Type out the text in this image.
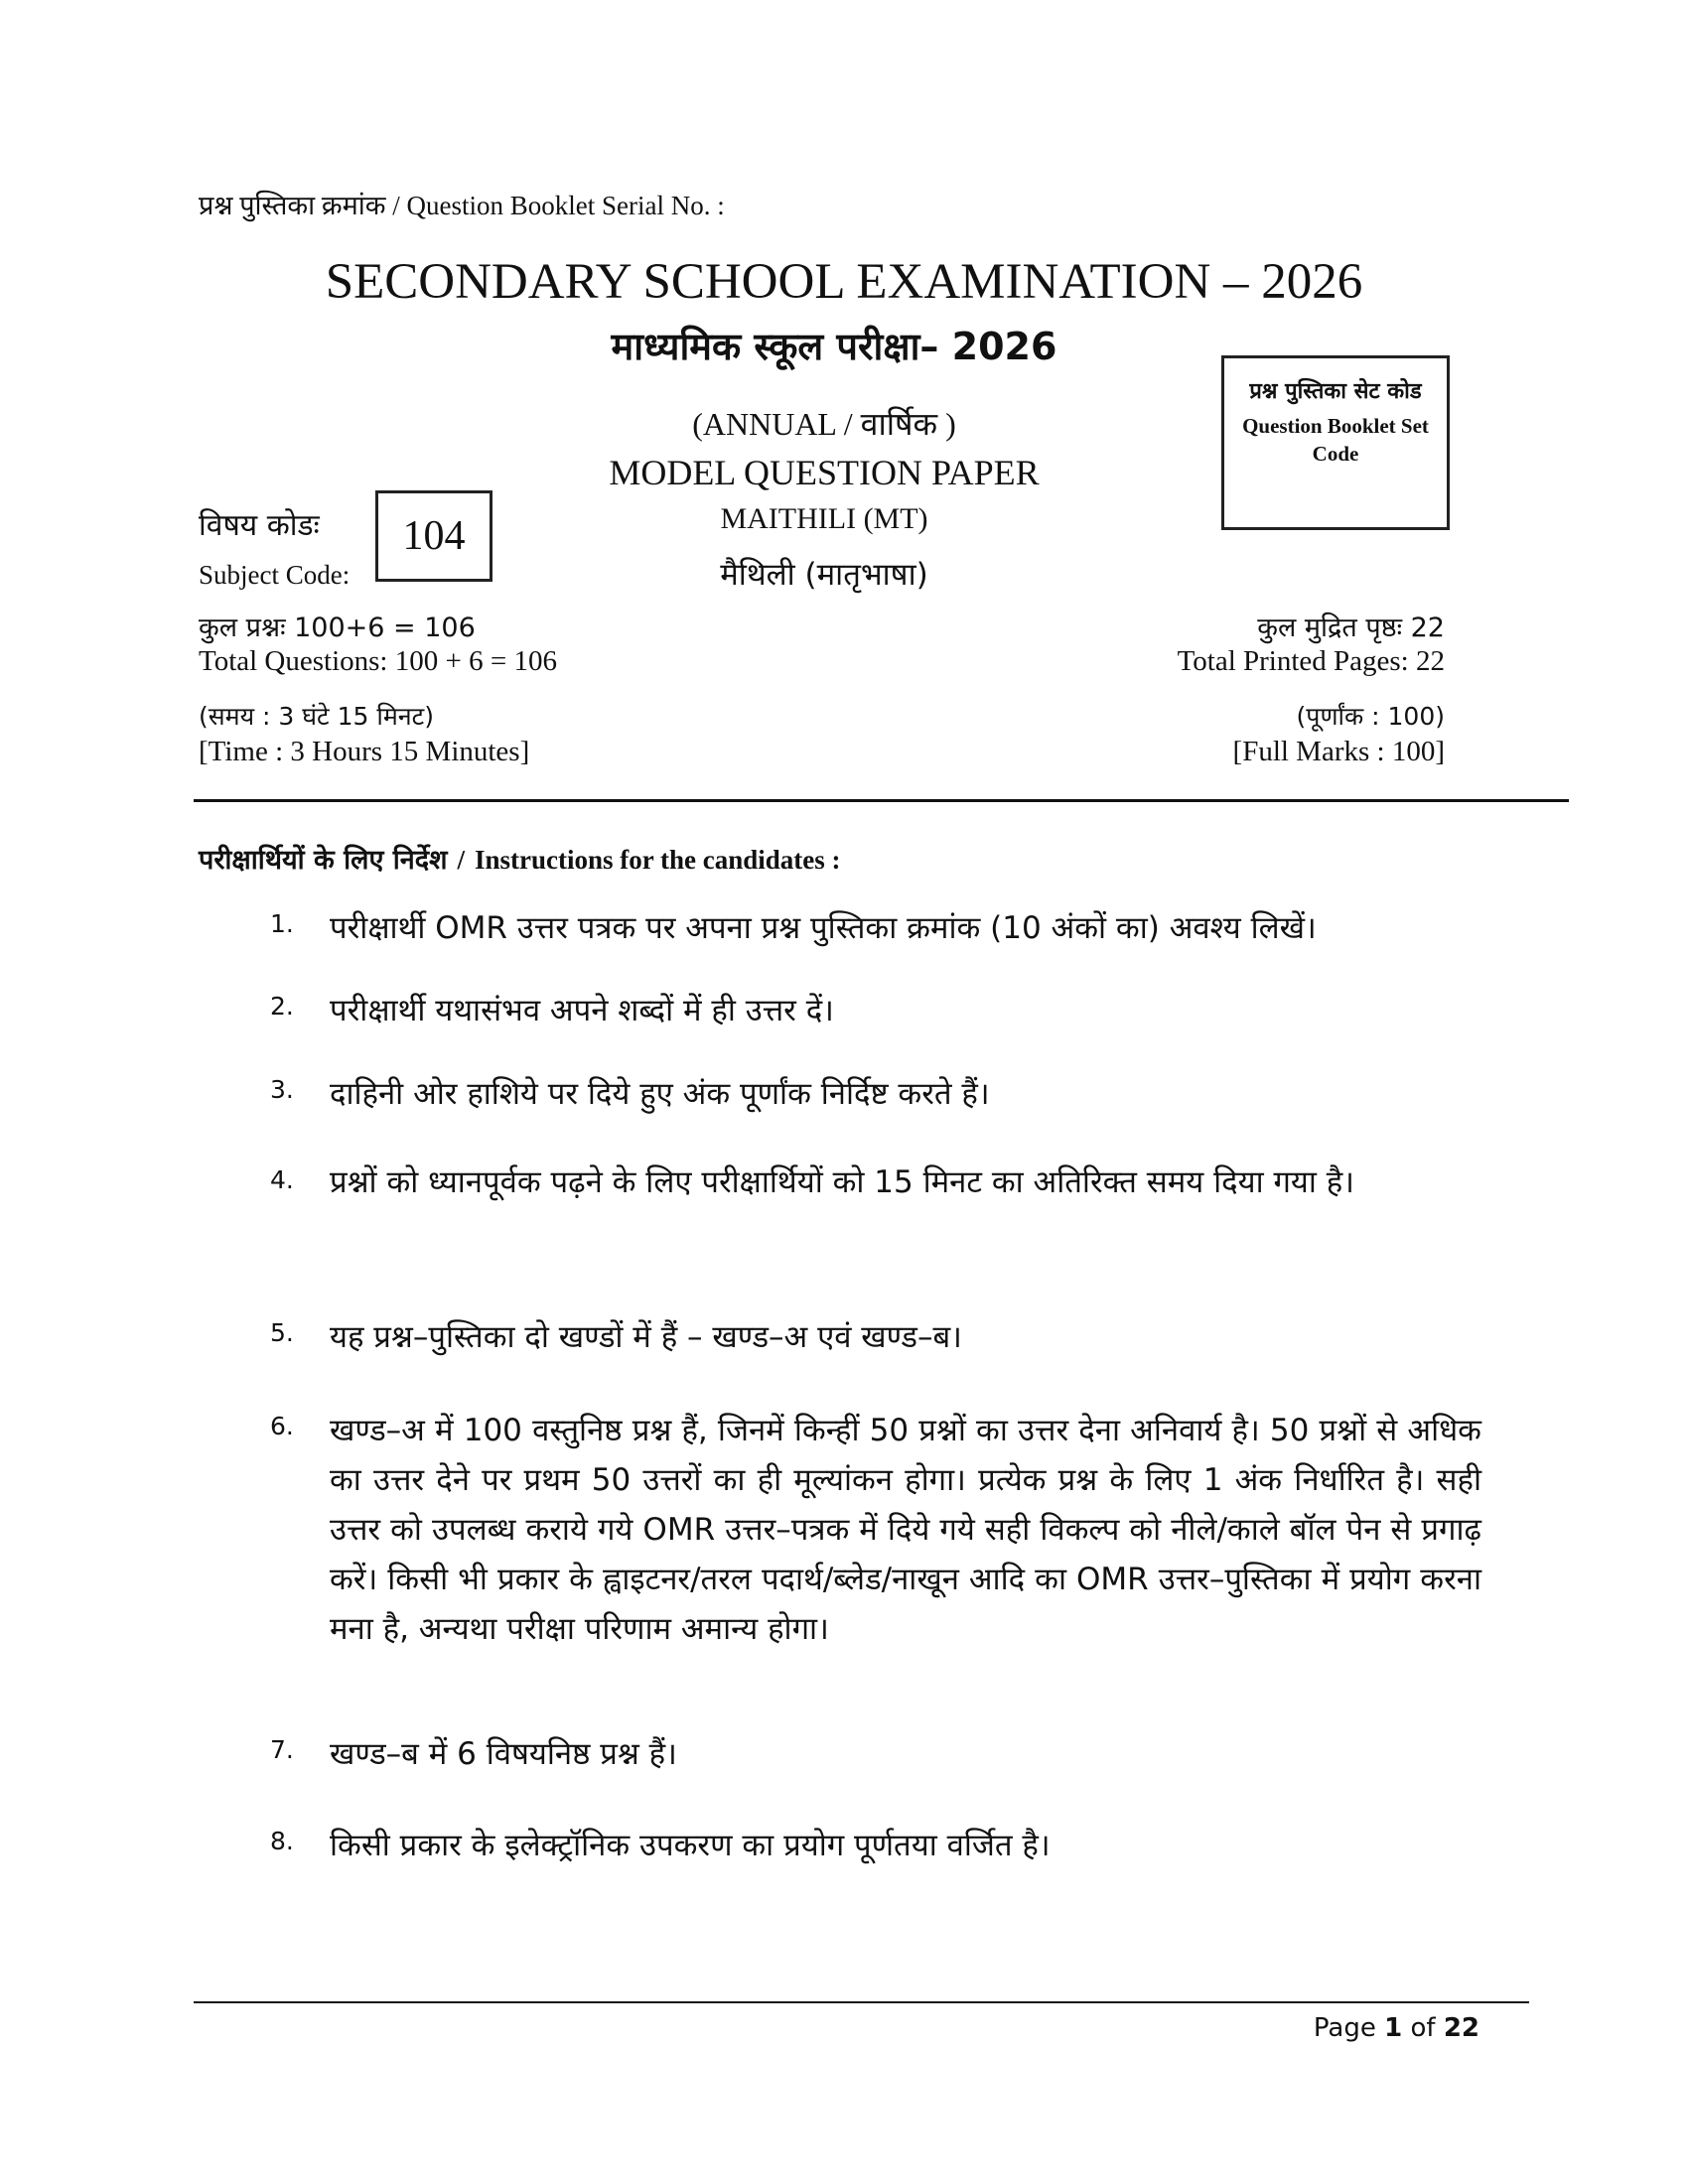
प्रश्न पुस्तिका क्रमांक / Question Booklet Serial No. :
SECONDARY SCHOOL EXAMINATION – 2026
माध्यमिक स्कूल परीक्षा– 2026
प्रश्न पुस्तिका सेट कोड
Question Booklet Set Code
(ANNUAL / वार्षिक )
MODEL QUESTION PAPER
MAITHILI (MT)
मैथिली (मातृभाषा)
विषय कोडः
Subject Code:
104
कुल प्रश्नः 100+6 = 106
Total Questions: 100 + 6 = 106
कुल मुद्रित पृष्ठः 22
Total Printed Pages: 22
(समय : 3 घंटे 15 मिनट)
[Time : 3 Hours 15 Minutes]
(पूर्णांक : 100)
[Full Marks : 100]
परीक्षार्थियों के लिए निर्देश / Instructions for the candidates :
1. परीक्षार्थी OMR उत्तर पत्रक पर अपना प्रश्न पुस्तिका क्रमांक (10 अंकों का) अवश्य लिखें।
2. परीक्षार्थी यथासंभव अपने शब्दों में ही उत्तर दें।
3. दाहिनी ओर हाशिये पर दिये हुए अंक पूर्णांक निर्दिष्ट करते हैं।
4. प्रश्नों को ध्यानपूर्वक पढ़ने के लिए परीक्षार्थियों को 15 मिनट का अतिरिक्त समय दिया गया है।
5. यह प्रश्न–पुस्तिका दो खण्डों में हैं – खण्ड–अ एवं खण्ड–ब।
6. खण्ड–अ में 100 वस्तुनिष्ठ प्रश्न हैं, जिनमें किन्हीं 50 प्रश्नों का उत्तर देना अनिवार्य है। 50 प्रश्नों से अधिक का उत्तर देने पर प्रथम 50 उत्तरों का ही मूल्यांकन होगा। प्रत्येक प्रश्न के लिए 1 अंक निर्धारित है। सही उत्तर को उपलब्ध कराये गये OMR उत्तर–पत्रक में दिये गये सही विकल्प को नीले/काले बॉल पेन से प्रगाढ़ करें। किसी भी प्रकार के ह्वाइटनर/तरल पदार्थ/ब्लेड/नाखून आदि का OMR उत्तर–पुस्तिका में प्रयोग करना मना है, अन्यथा परीक्षा परिणाम अमान्य होगा।
7. खण्ड–ब में 6 विषयनिष्ठ प्रश्न हैं।
8. किसी प्रकार के इलेक्ट्रॉनिक उपकरण का प्रयोग पूर्णतया वर्जित है।
Page 1 of 22
